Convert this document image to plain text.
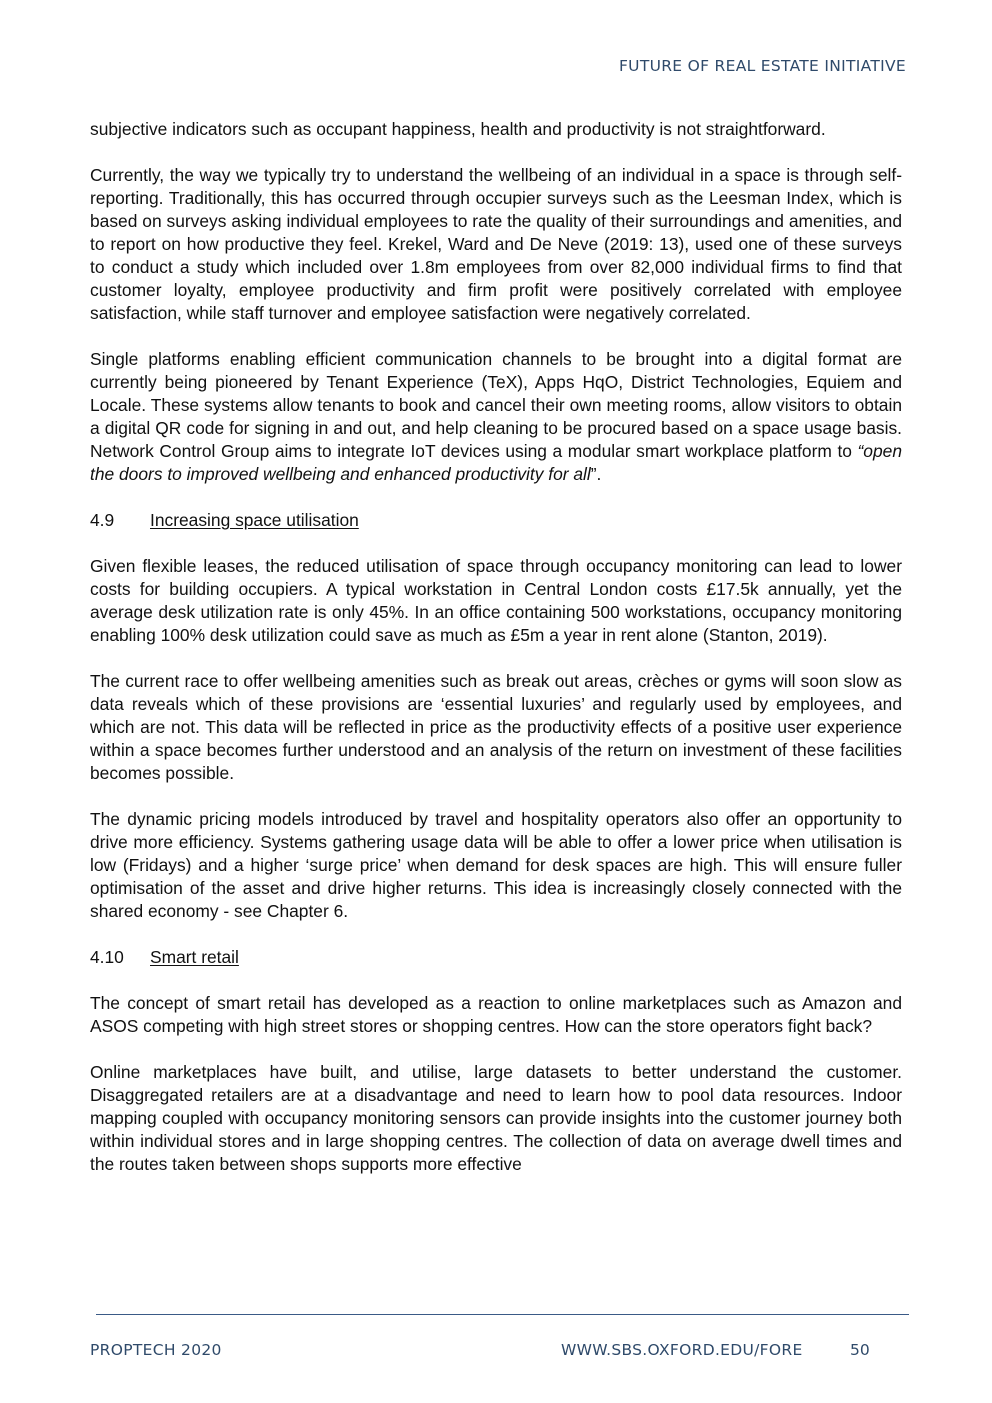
FUTURE OF REAL ESTATE INITIATIVE

subjective indicators such as occupant happiness, health and productivity is not straightforward.

Currently, the way we typically try to understand the wellbeing of an individual in a space is through self-reporting. Traditionally, this has occurred through occupier surveys such as the Leesman Index, which is based on surveys asking individual employees to rate the quality of their surroundings and amenities, and to report on how productive they feel. Krekel, Ward and De Neve (2019: 13), used one of these surveys to conduct a study which included over 1.8m employees from over 82,000 individual firms to find that customer loyalty, employee productivity and firm profit were positively correlated with employee satisfaction, while staff turnover and employee satisfaction were negatively correlated.

Single platforms enabling efficient communication channels to be brought into a digital format are currently being pioneered by Tenant Experience (TeX), Apps HqO, District Technologies, Equiem and Locale. These systems allow tenants to book and cancel their own meeting rooms, allow visitors to obtain a digital QR code for signing in and out, and help cleaning to be procured based on a space usage basis. Network Control Group aims to integrate IoT devices using a modular smart workplace platform to “open the doors to improved wellbeing and enhanced productivity for all”.

4.9	Increasing space utilisation

Given flexible leases, the reduced utilisation of space through occupancy monitoring can lead to lower costs for building occupiers. A typical workstation in Central London costs £17.5k annually, yet the average desk utilization rate is only 45%. In an office containing 500 workstations, occupancy monitoring enabling 100% desk utilization could save as much as £5m a year in rent alone (Stanton, 2019).

The current race to offer wellbeing amenities such as break out areas, crèches or gyms will soon slow as data reveals which of these provisions are ‘essential luxuries’ and regularly used by employees, and which are not. This data will be reflected in price as the productivity effects of a positive user experience within a space becomes further understood and an analysis of the return on investment of these facilities becomes possible.

The dynamic pricing models introduced by travel and hospitality operators also offer an opportunity to drive more efficiency. Systems gathering usage data will be able to offer a lower price when utilisation is low (Fridays) and a higher ‘surge price’ when demand for desk spaces are high. This will ensure fuller optimisation of the asset and drive higher returns. This idea is increasingly closely connected with the shared economy - see Chapter 6.

4.10	Smart retail

The concept of smart retail has developed as a reaction to online marketplaces such as Amazon and ASOS competing with high street stores or shopping centres. How can the store operators fight back?

Online marketplaces have built, and utilise, large datasets to better understand the customer. Disaggregated retailers are at a disadvantage and need to learn how to pool data resources. Indoor mapping coupled with occupancy monitoring sensors can provide insights into the customer journey both within individual stores and in large shopping centres. The collection of data on average dwell times and the routes taken between shops supports more effective

PROPTECH 2020	WWW.SBS.OXFORD.EDU/FORE	50
